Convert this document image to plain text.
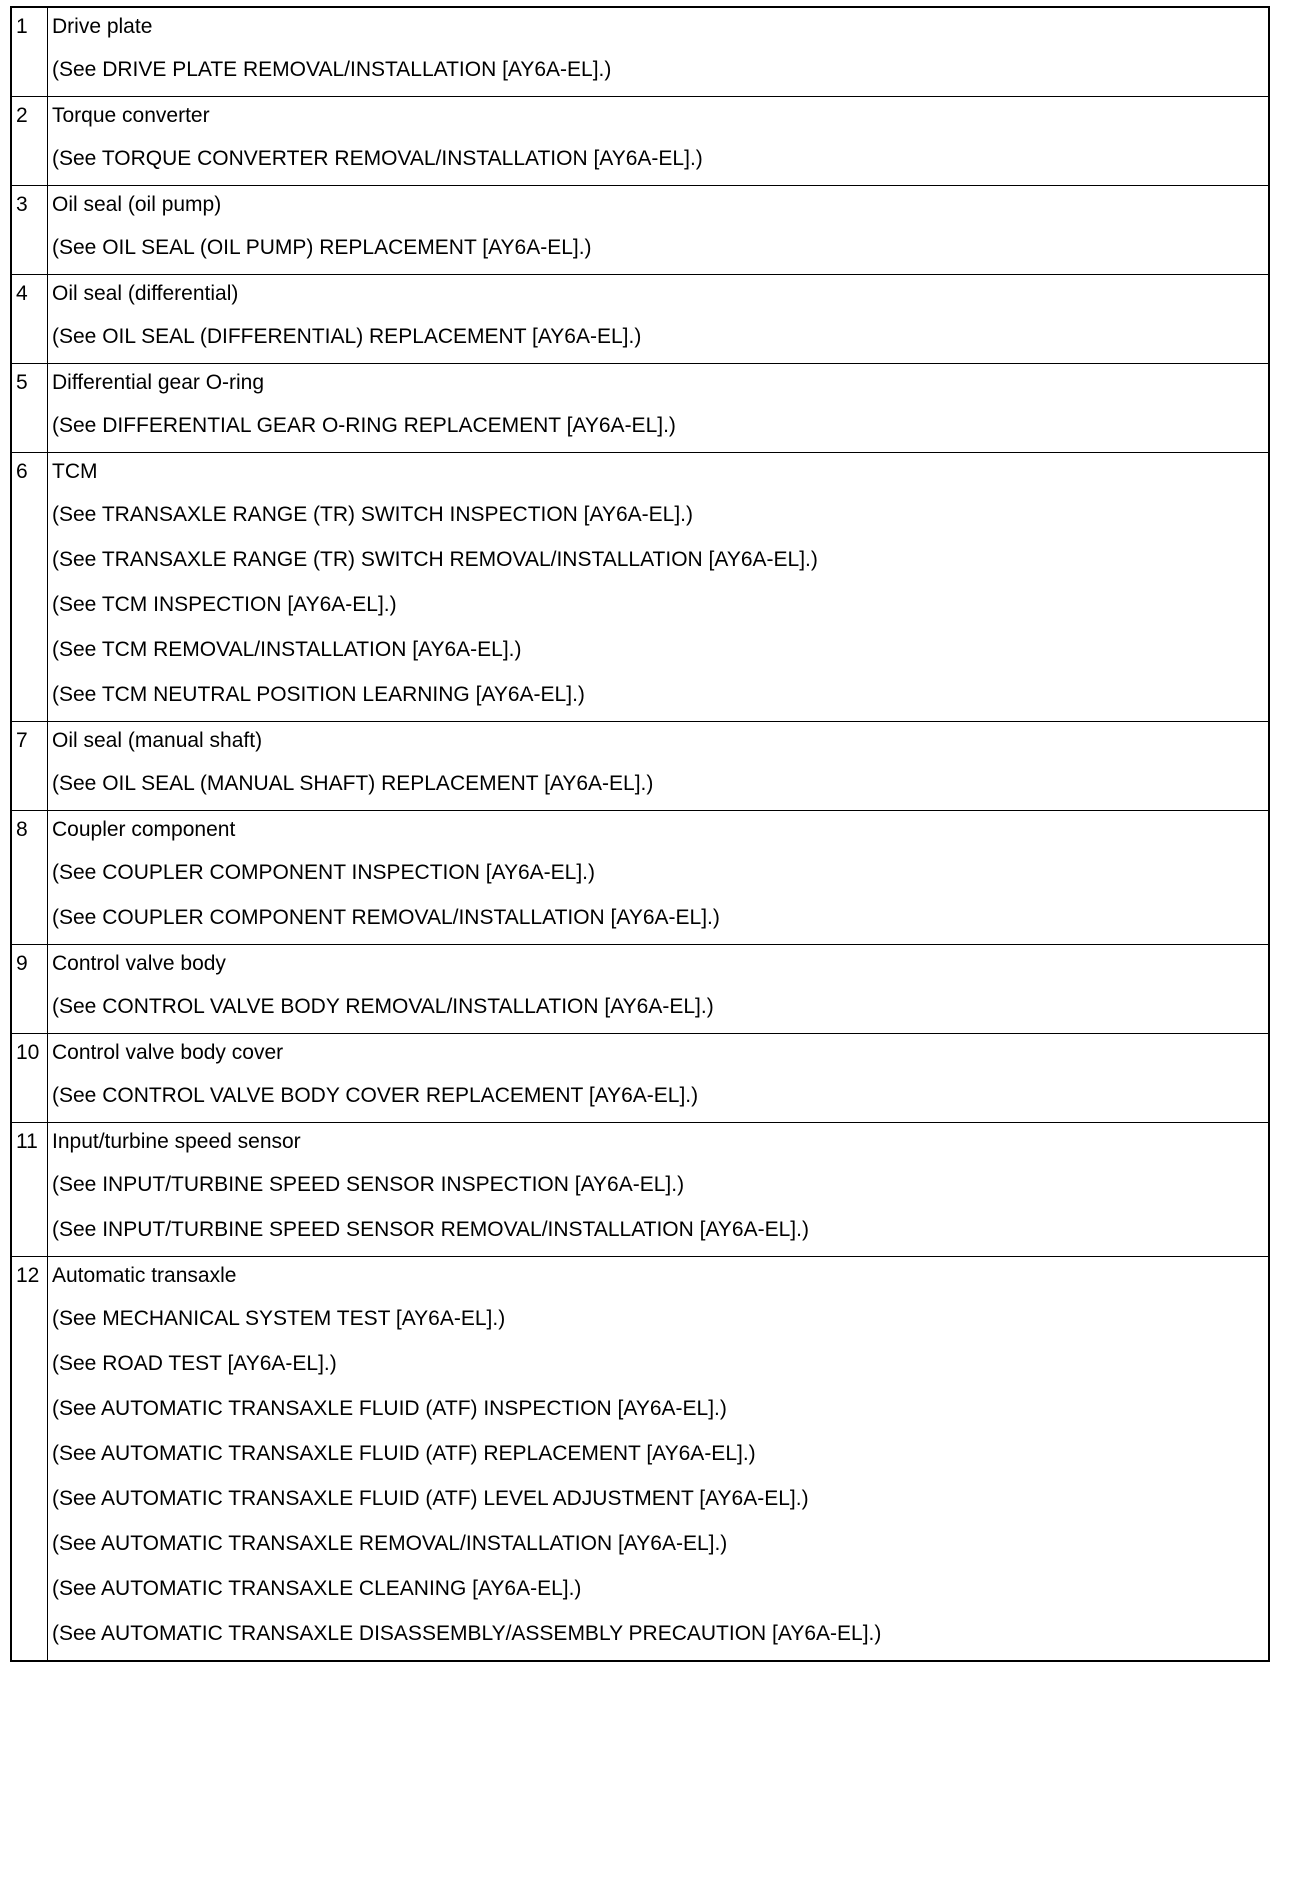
1	Drive plate
(See DRIVE PLATE REMOVAL/INSTALLATION [AY6A-EL].)
2	Torque converter
(See TORQUE CONVERTER REMOVAL/INSTALLATION [AY6A-EL].)
3	Oil seal (oil pump)
(See OIL SEAL (OIL PUMP) REPLACEMENT [AY6A-EL].)
4	Oil seal (differential)
(See OIL SEAL (DIFFERENTIAL) REPLACEMENT [AY6A-EL].)
5	Differential gear O-ring
(See DIFFERENTIAL GEAR O-RING REPLACEMENT [AY6A-EL].)
6	TCM
(See TRANSAXLE RANGE (TR) SWITCH INSPECTION [AY6A-EL].)
(See TRANSAXLE RANGE (TR) SWITCH REMOVAL/INSTALLATION [AY6A-EL].)
(See TCM INSPECTION [AY6A-EL].)
(See TCM REMOVAL/INSTALLATION [AY6A-EL].)
(See TCM NEUTRAL POSITION LEARNING [AY6A-EL].)
7	Oil seal (manual shaft)
(See OIL SEAL (MANUAL SHAFT) REPLACEMENT [AY6A-EL].)
8	Coupler component
(See COUPLER COMPONENT INSPECTION [AY6A-EL].)
(See COUPLER COMPONENT REMOVAL/INSTALLATION [AY6A-EL].)
9	Control valve body
(See CONTROL VALVE BODY REMOVAL/INSTALLATION [AY6A-EL].)
10 Control valve body cover
(See CONTROL VALVE BODY COVER REPLACEMENT [AY6A-EL].)
11 Input/turbine speed sensor
(See INPUT/TURBINE SPEED SENSOR INSPECTION [AY6A-EL].)
(See INPUT/TURBINE SPEED SENSOR REMOVAL/INSTALLATION [AY6A-EL].)
12 Automatic transaxle
(See MECHANICAL SYSTEM TEST [AY6A-EL].)
(See ROAD TEST [AY6A-EL].)
(See AUTOMATIC TRANSAXLE FLUID (ATF) INSPECTION [AY6A-EL].)
(See AUTOMATIC TRANSAXLE FLUID (ATF) REPLACEMENT [AY6A-EL].)
(See AUTOMATIC TRANSAXLE FLUID (ATF) LEVEL ADJUSTMENT [AY6A-EL].)
(See AUTOMATIC TRANSAXLE REMOVAL/INSTALLATION [AY6A-EL].)
(See AUTOMATIC TRANSAXLE CLEANING [AY6A-EL].)
(See AUTOMATIC TRANSAXLE DISASSEMBLY/ASSEMBLY PRECAUTION [AY6A-EL].)
